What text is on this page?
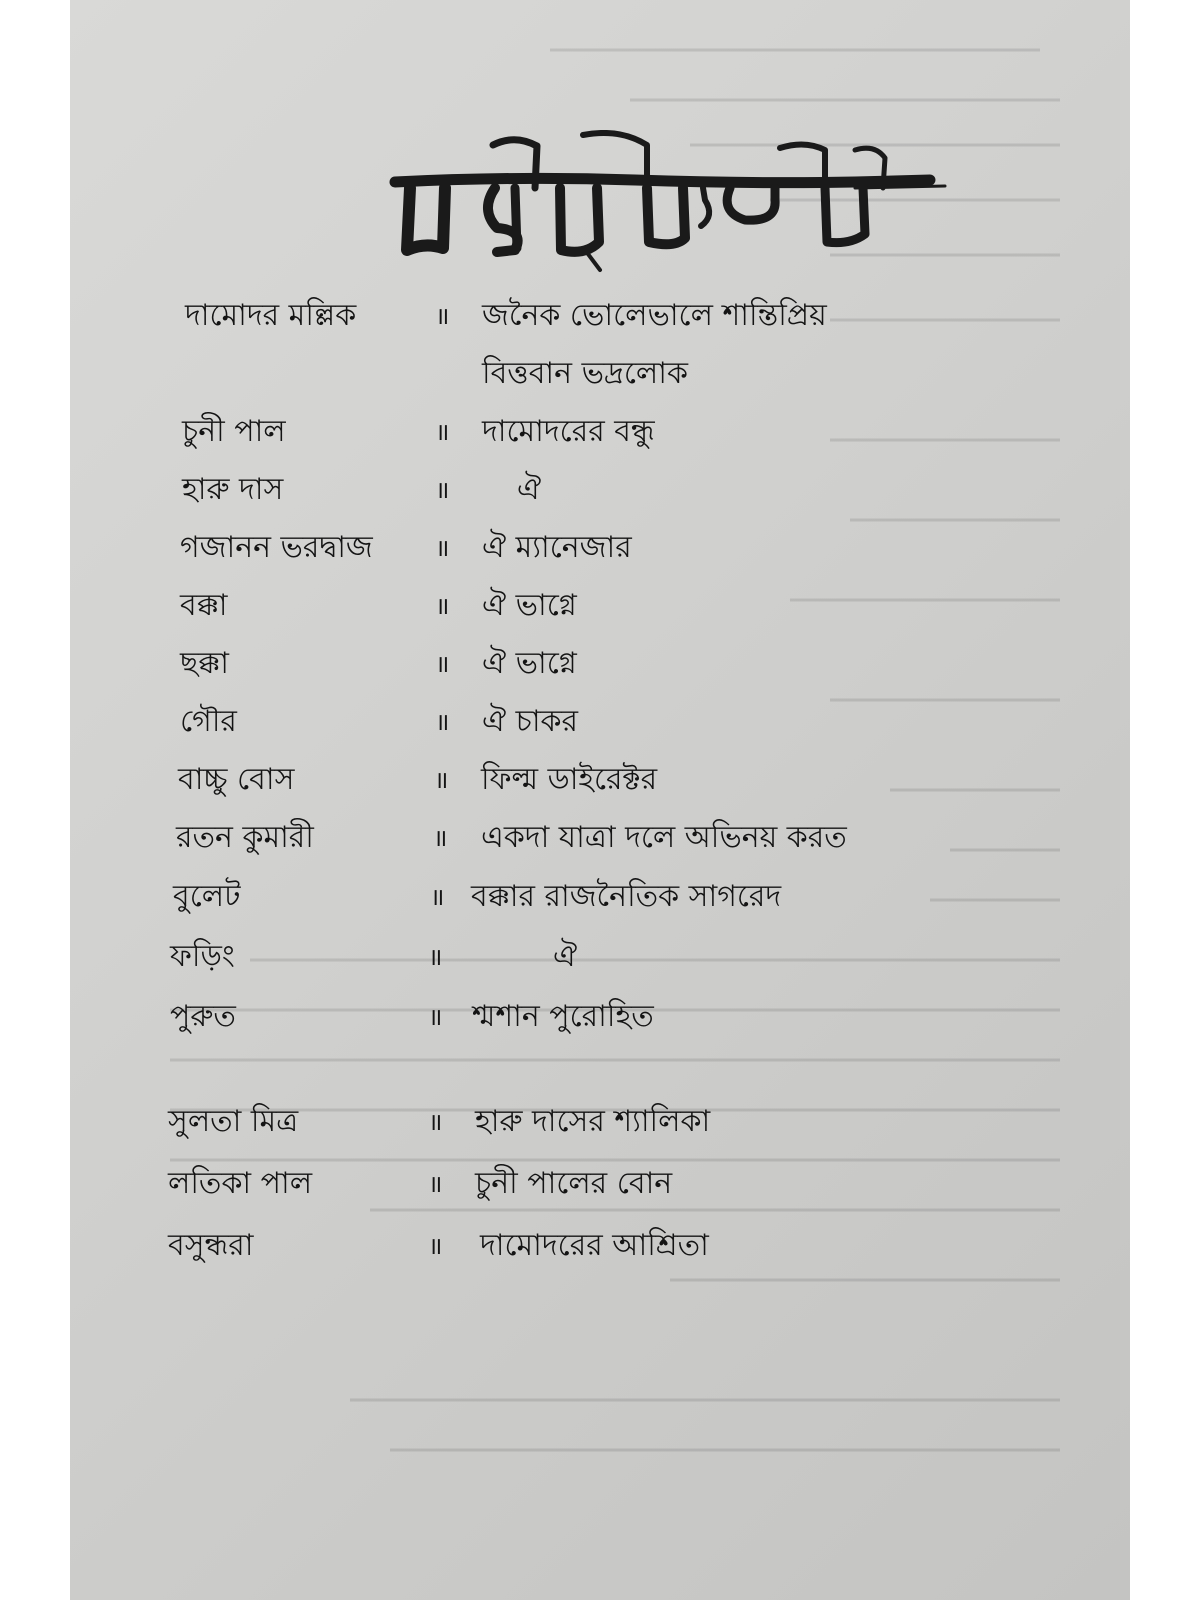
দামোদর মল্লিক	॥ জনৈক ভোলেভালে শান্তিপ্রিয়
বিত্তবান ভদ্রলোক
চুনী পাল	॥ দামোদরের বন্ধু
হারু দাস	॥ ঐ
গজানন ভরদ্বাজ	॥ ঐ ম্যানেজার
বক্কা	॥ ঐ ভাগ্নে
ছক্কা	॥ ঐ ভাগ্নে
গৌর	॥ ঐ চাকর
বাচ্চু বোস	॥ ফিল্ম ডাইরেক্টর
রতন কুমারী	॥ একদা যাত্রা দলে অভিনয় করত
বুলেট	॥ বক্কার রাজনৈতিক সাগরেদ
ফড়িং	॥	ঐ
পুরুত	॥ শ্মশান পুরোহিত
সুলতা মিত্র	॥ হারু দাসের শ্যালিকা
লতিকা পাল	॥ চুনী পালের বোন
বসুন্ধরা	॥ দামোদরের আশ্রিতা
